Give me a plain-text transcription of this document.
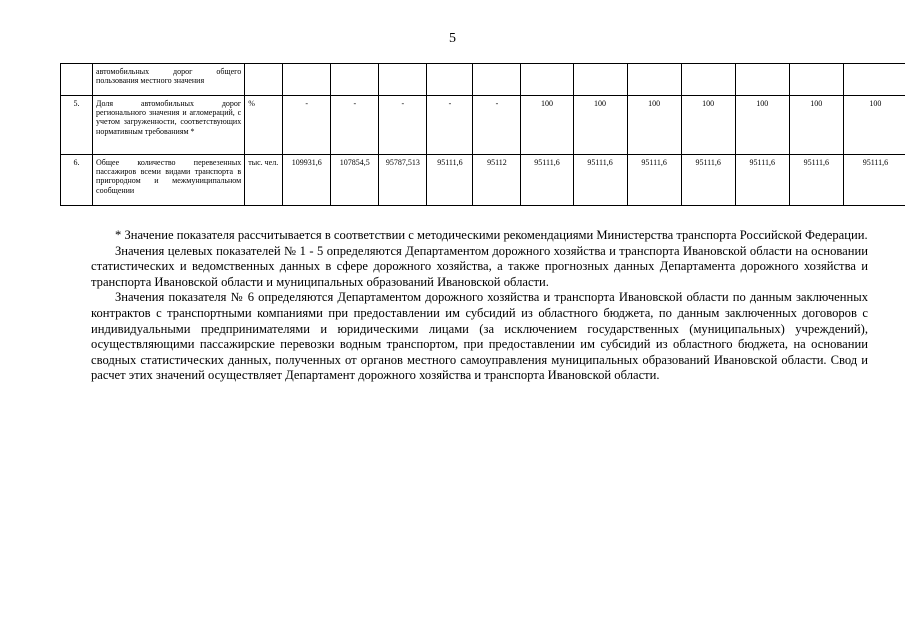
5
	автомобильных дорог общего пользования местного значения													
5.	Доля автомобильных дорог регионального значения и агломераций, с учетом загруженности, соответствующих нормативным требованиям *	%	-	-	-	-	-	100	100	100	100	100	100	100
6.	Общее количество перевезенных пассажиров всеми видами транспорта в пригородном и межмуниципальном сообщении	тыс. чел.	109931,6	107854,5	95787,513	95111,6	95112	95111,6	95111,6	95111,6	95111,6	95111,6	95111,6	95111,6

* Значение показателя рассчитывается в соответствии с методическими рекомендациями Министерства транспорта Российской Федерации.

Значения целевых показателей № 1 - 5 определяются Департаментом дорожного хозяйства и транспорта Ивановской области на основании статистических и ведомственных данных в сфере дорожного хозяйства, а также прогнозных данных Департамента дорожного хозяйства и транспорта Ивановской области и муниципальных образований Ивановской области.

Значения показателя № 6 определяются Департаментом дорожного хозяйства и транспорта Ивановской области по данным заключенных контрактов с транспортными компаниями при предоставлении им субсидий из областного бюджета, по данным заключенных договоров с индивидуальными предпринимателями и юридическими лицами (за исключением государственных (муниципальных) учреждений), осуществляющими пассажирские перевозки водным транспортом, при предоставлении им субсидий из областного бюджета, на основании сводных статистических данных, полученных от органов местного самоуправления муниципальных образований Ивановской области. Свод и расчет этих значений осуществляет Департамент дорожного хозяйства и транспорта Ивановской области.
